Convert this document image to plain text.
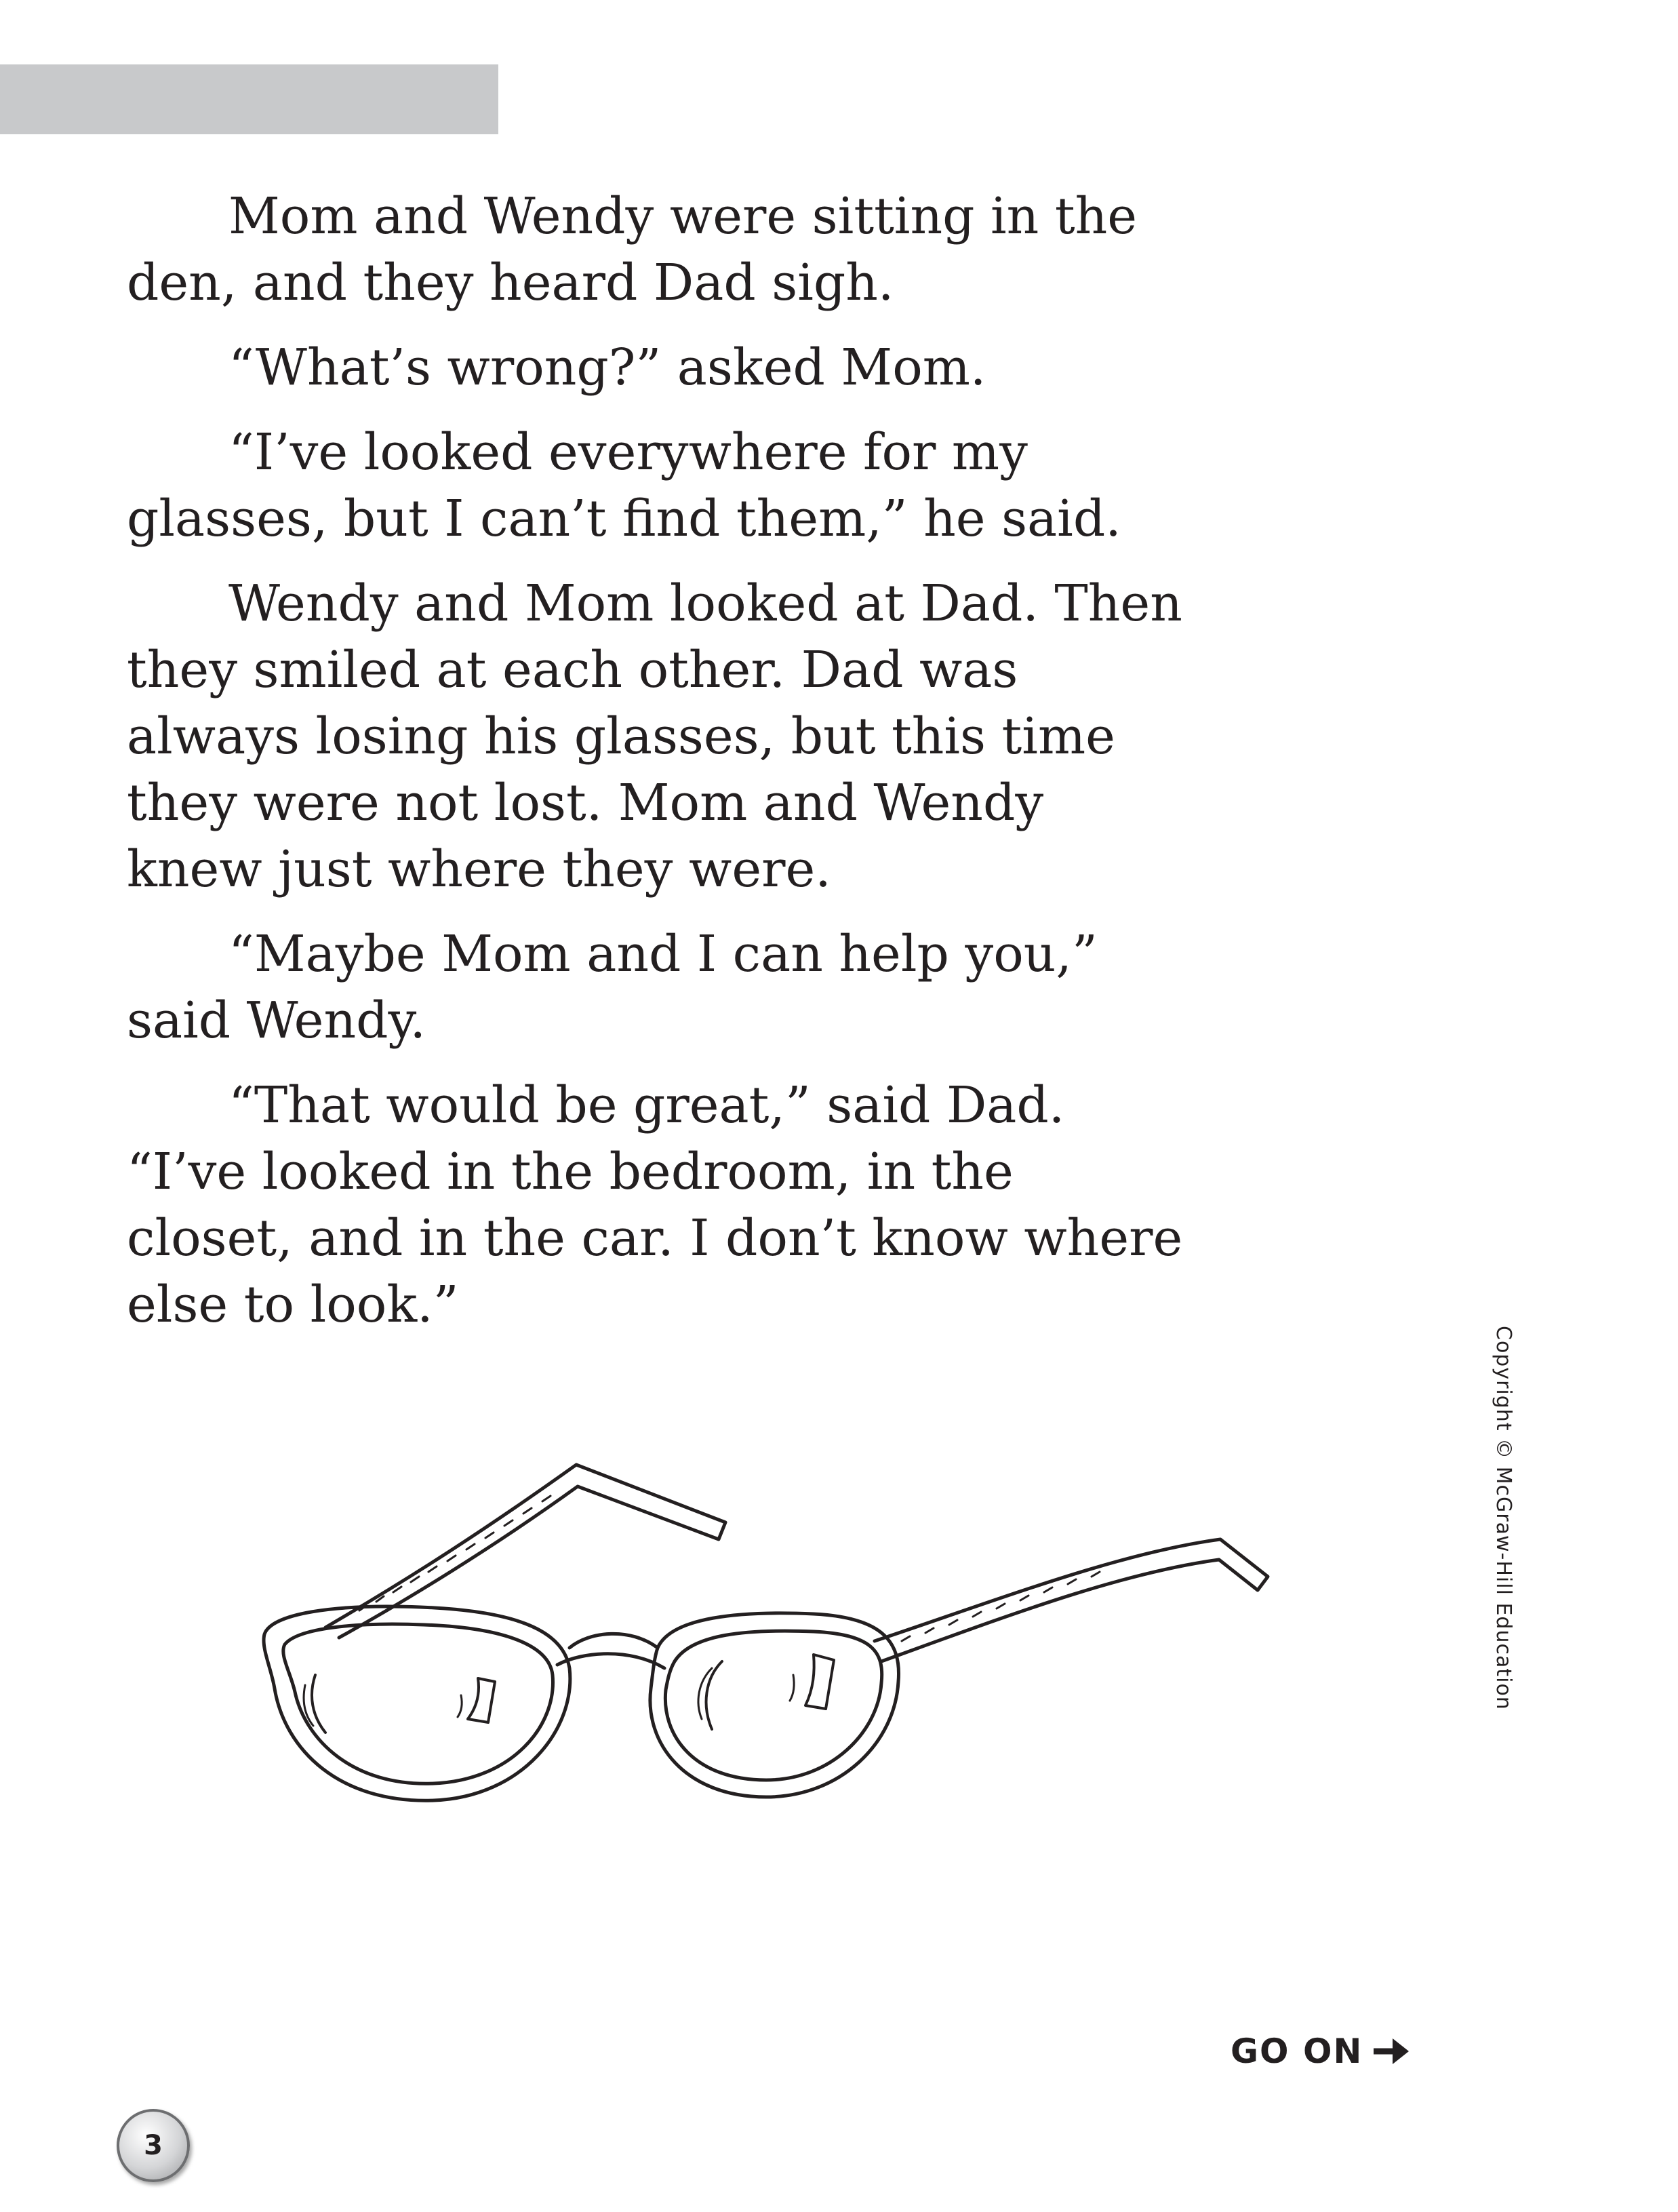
Mom and Wendy were sitting in the den, and they heard Dad sigh.

“What’s wrong?” asked Mom.

“I’ve looked everywhere for my glasses, but I can’t find them,” he said.

Wendy and Mom looked at Dad. Then they smiled at each other. Dad was always losing his glasses, but this time they were not lost. Mom and Wendy knew just where they were.

“Maybe Mom and I can help you,” said Wendy.

“That would be great,” said Dad. “I’ve looked in the bedroom, in the closet, and in the car. I don’t know where else to look.”

Copyright © McGraw-Hill Education
GO ON
3
